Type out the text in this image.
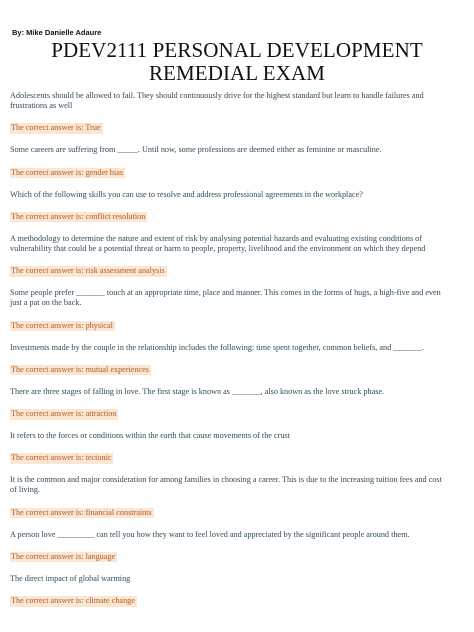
By: Mike Danielle Adaure
PDEV2111 PERSONAL DEVELOPMENT
REMEDIAL EXAM
Adolescents should be allowed to fail. They should continuously drive for the highest standard but learn to handle failures and frustrations as well
The correct answer is: True
Some careers are suffering from _____. Until now, some professions are deemed either as feminine or masculine.
The correct answer is: gender bias
Which of the following skills you can use to resolve and address professional agreements in the workplace?
The correct answer is: conflict resolution
A methodology to determine the nature and extent of risk by analysing potential hazards and evaluating existing conditions of vulnerability that could be a potential threat or harm to people, property, livelihood and the environment on which they depend
The correct answer is: risk assessment analysis
Some people prefer _______ touch at an appropriate time, place and manner. This comes in the forms of hugs, a high-five and even just a pat on the back.
The correct answer is: physical
Investments made by the couple in the relationship includes the following: time spent together, common beliefs, and _______.
The correct answer is: mutual experiences
There are three stages of falling in love. The first stage is known as _______, also known as the love struck phase.
The correct answer is: attraction
It refers to the forces or conditions within the earth that cause movements of the crust
The correct answer is: tectonic
It is the common and major consideration for among families in choosing a career. This is due to the increasing tuition fees and cost of living.
The correct answer is: financial constraints
A person love _________ can tell you how they want to feel loved and appreciated by the significant people around them.
The correct answer is: language
The direct impact of global warming
The correct answer is: climate change
